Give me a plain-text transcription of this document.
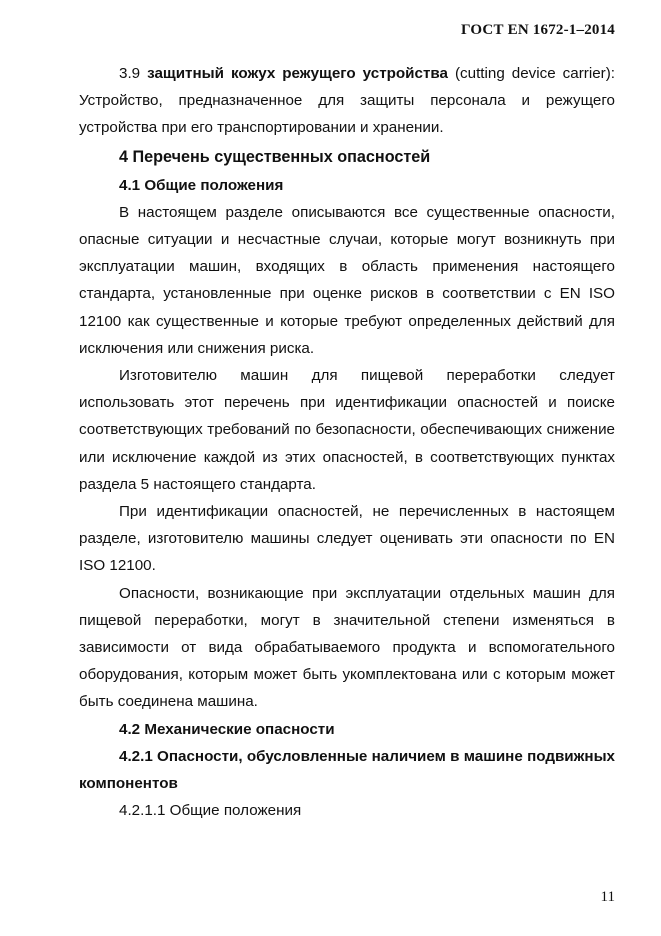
ГОСТ EN 1672-1–2014

3.9 защитный кожух режущего устройства (cutting device carrier): Устройство, предназначенное для защиты персонала и режущего устройства при его транспортировании и хранении.

4 Перечень существенных опасностей
4.1 Общие положения

В настоящем разделе описываются все существенные опасности, опасные ситуации и несчастные случаи, которые могут возникнуть при эксплуатации машин, входящих в область применения настоящего стандарта, установленные при оценке рисков в соответствии с EN ISO 12100 как существенные и которые требуют определенных действий для исключения или снижения риска.

Изготовителю машин для пищевой переработки следует использовать этот перечень при идентификации опасностей и поиске соответствующих требований по безопасности, обеспечивающих снижение или исключение каждой из этих опасностей, в соответствующих пунктах раздела 5 настоящего стандарта.

При идентификации опасностей, не перечисленных в настоящем разделе, изготовителю машины следует оценивать эти опасности по EN ISO 12100.

Опасности, возникающие при эксплуатации отдельных машин для пищевой переработки, могут в значительной степени изменяться в зависимости от вида обрабатываемого продукта и вспомогательного оборудования, которым может быть укомплектована или с которым может быть соединена машина.

4.2 Механические опасности
4.2.1 Опасности, обусловленные наличием в машине подвижных компонентов
4.2.1.1 Общие положения
11
